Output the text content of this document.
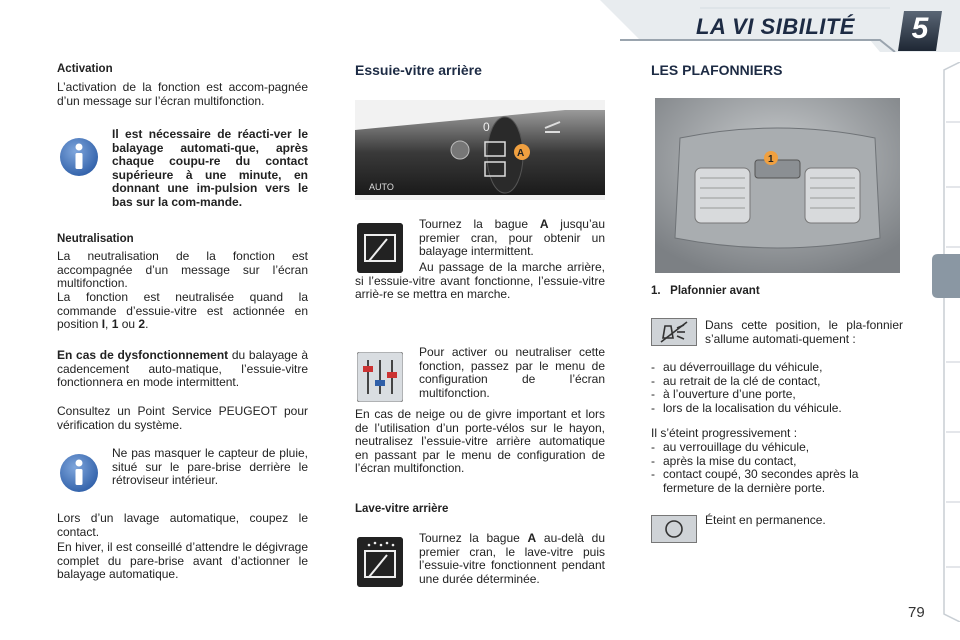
LA VI SIBILITÉ	5
Activation

L’activation de la fonction est accom-pagnée d’un message sur l’écran multifonction.

Il est nécessaire de réacti-ver le balayage automati-que, après chaque coupu-re du contact supérieure à une minute, en donnant une im-pulsion vers le bas sur la com-mande.

Neutralisation

La neutralisation de la fonction est accompagnée d’un message sur l’écran multifonction.

La fonction est neutralisée quand la commande d’essuie-vitre est actionnée en position I, 1 ou 2.

En cas de dysfonctionnement du balayage à cadencement auto-matique, l’essuie-vitre fonctionnera en mode intermittent.

Consultez un Point Service PEUGEOT pour vérification du système.

Ne pas masquer le capteur de pluie, situé sur le pare-brise derrière le rétroviseur intérieur.

Lors d’un lavage automatique, coupez le contact.

En hiver, il est conseillé d’attendre le dégivrage complet du pare-brise avant d’actionner le balayage automatique.

Essuie-vitre arrière
0
A
AUTO

Tournez la bague A jusqu’au premier cran, pour obtenir un balayage intermittent.

Au passage de la marche arrière, si l’essuie-vitre avant fonctionne, l’essuie-vitre arriè-re se mettra en marche.

Pour activer ou neutraliser cette fonction, passez par le menu de configuration de l’écran multifonction.

En cas de neige ou de givre important et lors de l’utilisation d’un porte-vélos sur le hayon, neutralisez l’essuie-vitre arrière automatique en passant par le menu de configuration de l’écran multifonction.

Lave-vitre arrière

Tournez la bague A au-delà du premier cran, le lave-vitre puis l’essuie-vitre fonctionnent pendant une durée déterminée.

LES PLAFONNIERS
1
1.   Plafonnier avant

Dans cette position, le pla-fonnier s’allume automati-quement :

- au déverrouillage du véhicule,
- au retrait de la clé de contact,
- à l’ouverture d’une porte,
- lors de la localisation du véhicule.

Il s’éteint progressivement :

- au verrouillage du véhicule,
- après la mise du contact,
- contact coupé, 30 secondes après la fermeture de la dernière porte.

Éteint en permanence.

79
